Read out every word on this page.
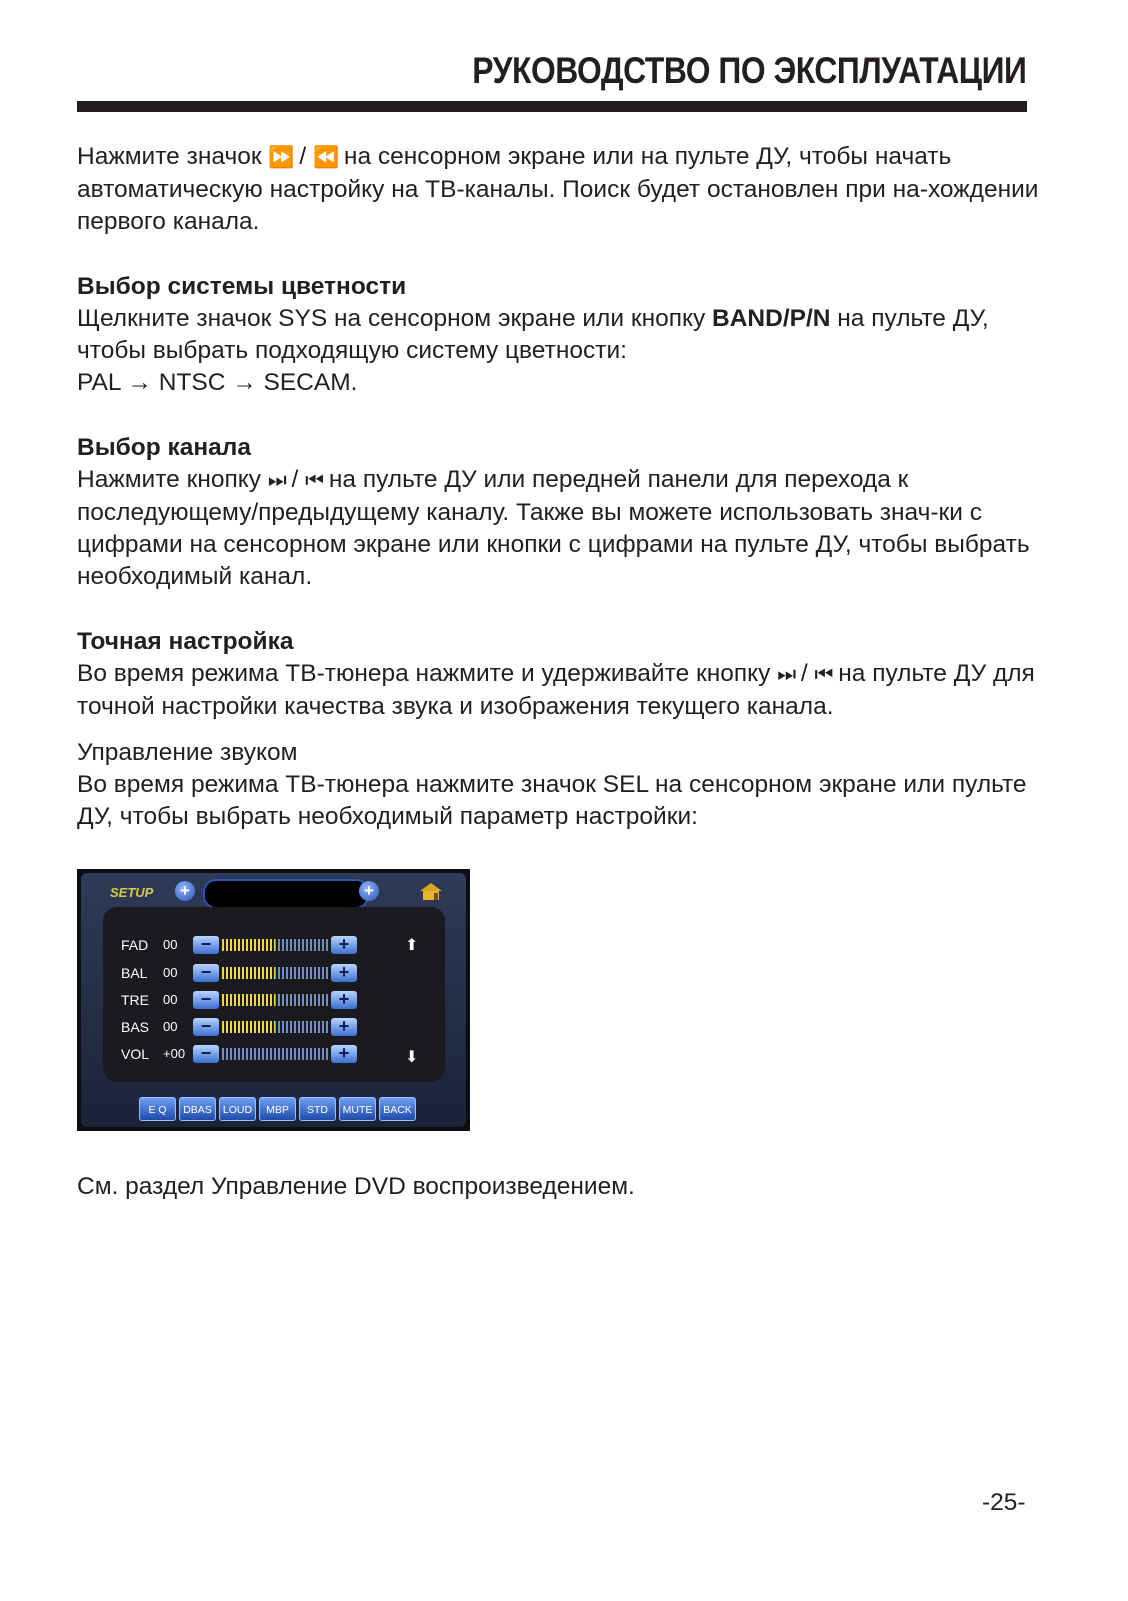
РУКОВОДСТВО ПО ЭКСПЛУАТАЦИИ

Нажмите значок ⏩ / ⏪ на сенсорном экране или на пульте ДУ, чтобы начать автоматическую настройку на ТВ-каналы. Поиск будет остановлен при на-хождении первого канала.

Выбор системы цветности

Щелкните значок SYS на сенсорном экране или кнопку BAND/P/N на пульте ДУ, чтобы выбрать подходящую систему цветности:

PAL → NTSC → SECAM.

Выбор канала

Нажмите кнопку ⏭ / ⏮ на пульте ДУ или передней панели для перехода к последующему/предыдущему каналу. Также вы можете использовать знач-ки с цифрами на сенсорном экране или кнопки с цифрами на пульте ДУ, чтобы выбрать необходимый канал.

Точная настройка

Во время режима ТВ-тюнера нажмите и удерживайте кнопку ⏭ / ⏮ на пульте ДУ для точной настройки качества звука и изображения текущего канала.

Управление звуком

Во время режима ТВ-тюнера нажмите значок SEL на сенсорном экране или пульте ДУ, чтобы выбрать необходимый параметр настройки:

SETUP +	+
FAD	00	−	+
BAL	00	−	+
TRE	00	−	+
BAS	00	−	+
VOL	+00 −	+
⬆
⬇
E Q	DBAS	LOUD	MBP	STD	MUTE	BACK

См. раздел Управление DVD воспроизведением.

-25-
